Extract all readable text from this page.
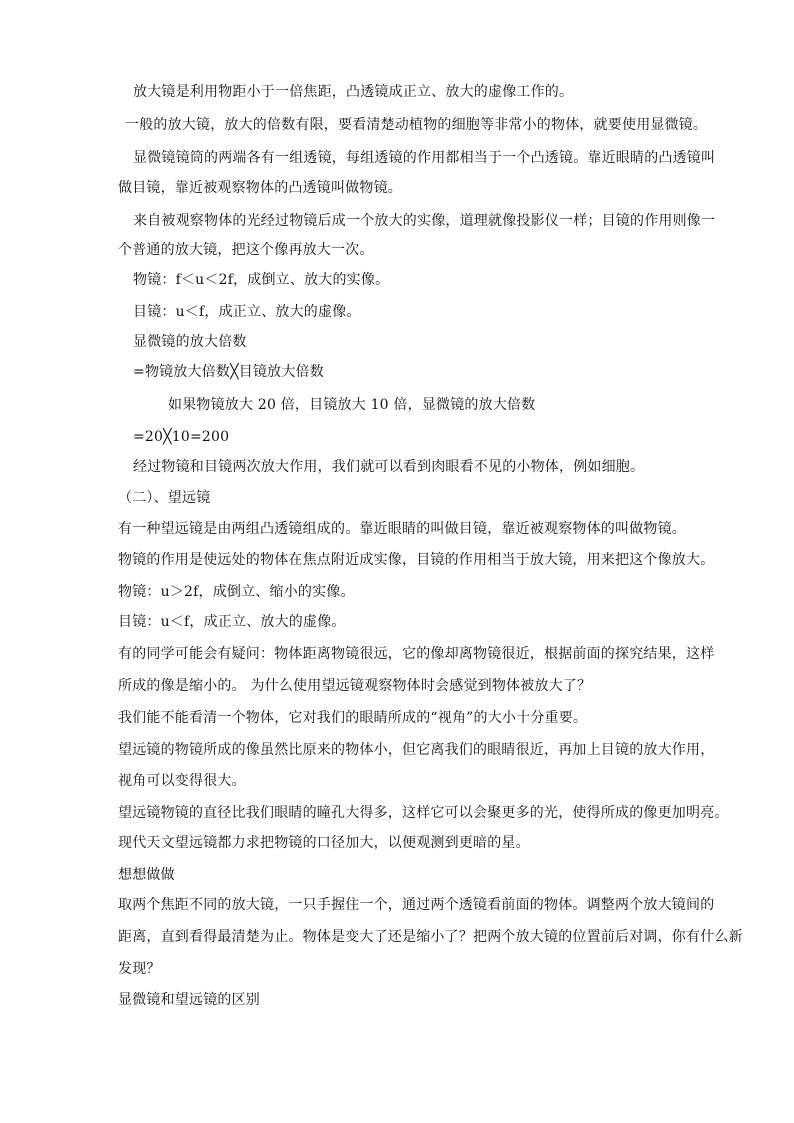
放大镜是利用物距小于一倍焦距，凸透镜成正立、放大的虚像工作的。
一般的放大镜，放大的倍数有限，要看清楚动植物的细胞等非常小的物体，就要使用显微镜。
显微镜镜筒的两端各有一组透镜，每组透镜的作用都相当于一个凸透镜。靠近眼睛的凸透镜叫
做目镜，靠近被观察物体的凸透镜叫做物镜。
来自被观察物体的光经过物镜后成一个放大的实像，道理就像投影仪一样；目镜的作用则像一
个普通的放大镜，把这个像再放大一次。
物镜：f＜u＜2f，成倒立、放大的实像。
目镜：u＜f，成正立、放大的虚像。
显微镜的放大倍数
=物镜放大倍数╳目镜放大倍数
如果物镜放大 20 倍，目镜放大 10 倍，显微镜的放大倍数
=20╳10=200
经过物镜和目镜两次放大作用，我们就可以看到肉眼看不见的小物体，例如细胞。
（二）、望远镜
有一种望远镜是由两组凸透镜组成的。靠近眼睛的叫做目镜，靠近被观察物体的叫做物镜。
物镜的作用是使远处的物体在焦点附近成实像，目镜的作用相当于放大镜，用来把这个像放大。
物镜：u＞2f，成倒立、缩小的实像。
目镜：u＜f，成正立、放大的虚像。
有的同学可能会有疑问：物体距离物镜很远，它的像却离物镜很近，根据前面的探究结果，这样
所成的像是缩小的。 为什么使用望远镜观察物体时会感觉到物体被放大了？
我们能不能看清一个物体，它对我们的眼睛所成的“视角”的大小十分重要。
望远镜的物镜所成的像虽然比原来的物体小，但它离我们的眼睛很近，再加上目镜的放大作用，
视角可以变得很大。
望远镜物镜的直径比我们眼睛的瞳孔大得多，这样它可以会聚更多的光，使得所成的像更加明亮。
现代天文望远镜都力求把物镜的口径加大，以便观测到更暗的星。
想想做做
取两个焦距不同的放大镜，一只手握住一个，通过两个透镜看前面的物体。调整两个放大镜间的
距离，直到看得最清楚为止。物体是变大了还是缩小了？把两个放大镜的位置前后对调，你有什么新
发现？
显微镜和望远镜的区别
